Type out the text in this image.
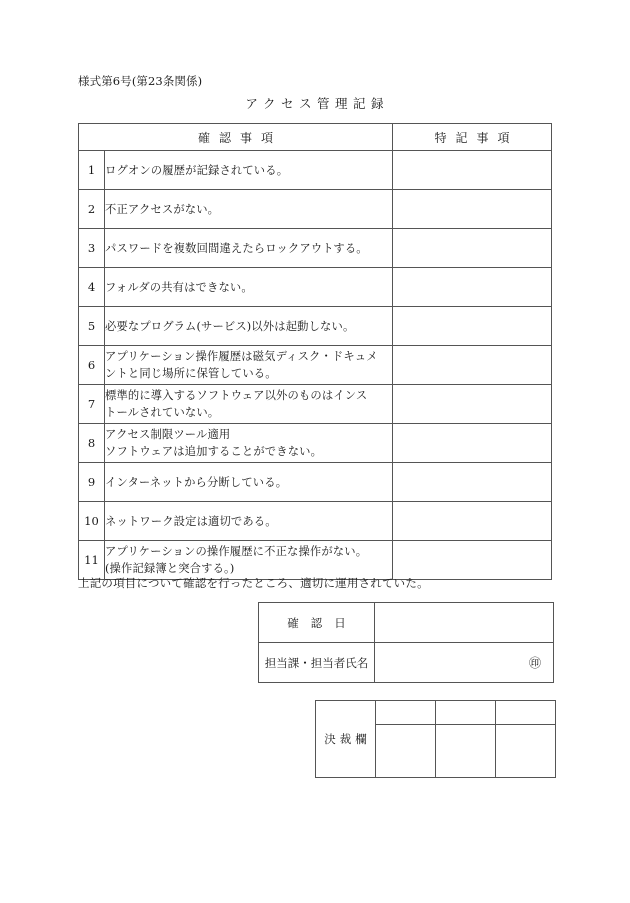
様式第6号(第23条関係)
アクセス管理記録
確認事項		特記事項
1	ログオンの履歴が記録されている。	

2	不正アクセスがない。	

3	パスワードを複数回間違えたらロックアウトする。	

4	フォルダの共有はできない。	

5	必要なプログラム(サービス)以外は起動しない。	

6	アプリケーション操作履歴は磁気ディスク・ドキュメ
ントと同じ場所に保管している。	

7	標準的に導入するソフトウェア以外のものはインス
トールされていない。	

8	アクセス制限ツール適用
ソフトウェアは追加することができない。	

9	インターネットから分断している。	

10	ネットワーク設定は適切である。	

11	アプリケーションの操作履歴に不正な操作がない。
(操作記録簿と突合する。)	

上記の項目について確認を行ったところ、適切に運用されていた。
確認日	
担当課・担当者氏名	㊞
決裁欄			
